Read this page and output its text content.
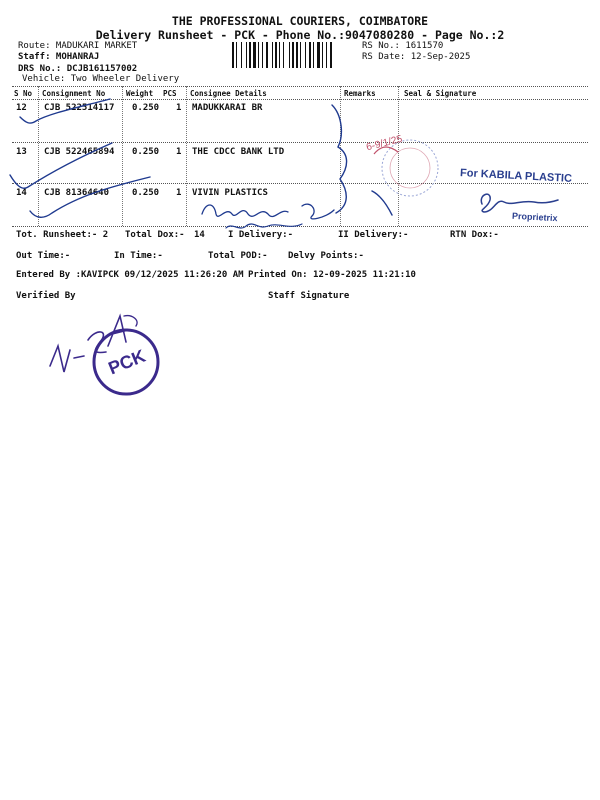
THE PROFESSIONAL COURIERS, COIMBATORE
Delivery Runsheet - PCK - Phone No.:9047080280 - Page No.:2
Route: MADUKARI MARKET
Staff: MOHANRAJ
DRS No.: DCJB161157002
Vehicle: Two Wheeler Delivery
RS No.: 1611570
RS Date: 12-Sep-2025
S No Consignment No	Weight PCS Consignee Details	Remarks	Seal & Signature
12 CJB 522514117 0.250 1 MADUKKARAI BR
13 CJB 522465894 0.250 1 THE CDCC BANK LTD
14 CJB 81364640	0.250 1 VIVIN PLASTICS
Tot. Runsheet:- 2 Total Dox:- 14	I Delivery:-	II Delivery:-	RTN Dox:-
Out Time:-	In Time:-	Total POD:- Delvy Points:-
Entered By :KAVIPCK 09/12/2025 11:26:20 AM Printed On: 12-09-2025 11:21:10
Verified By	Staff Signature
6-9/1/25
For KABILA PLASTIC
Proprietrix
PCK
